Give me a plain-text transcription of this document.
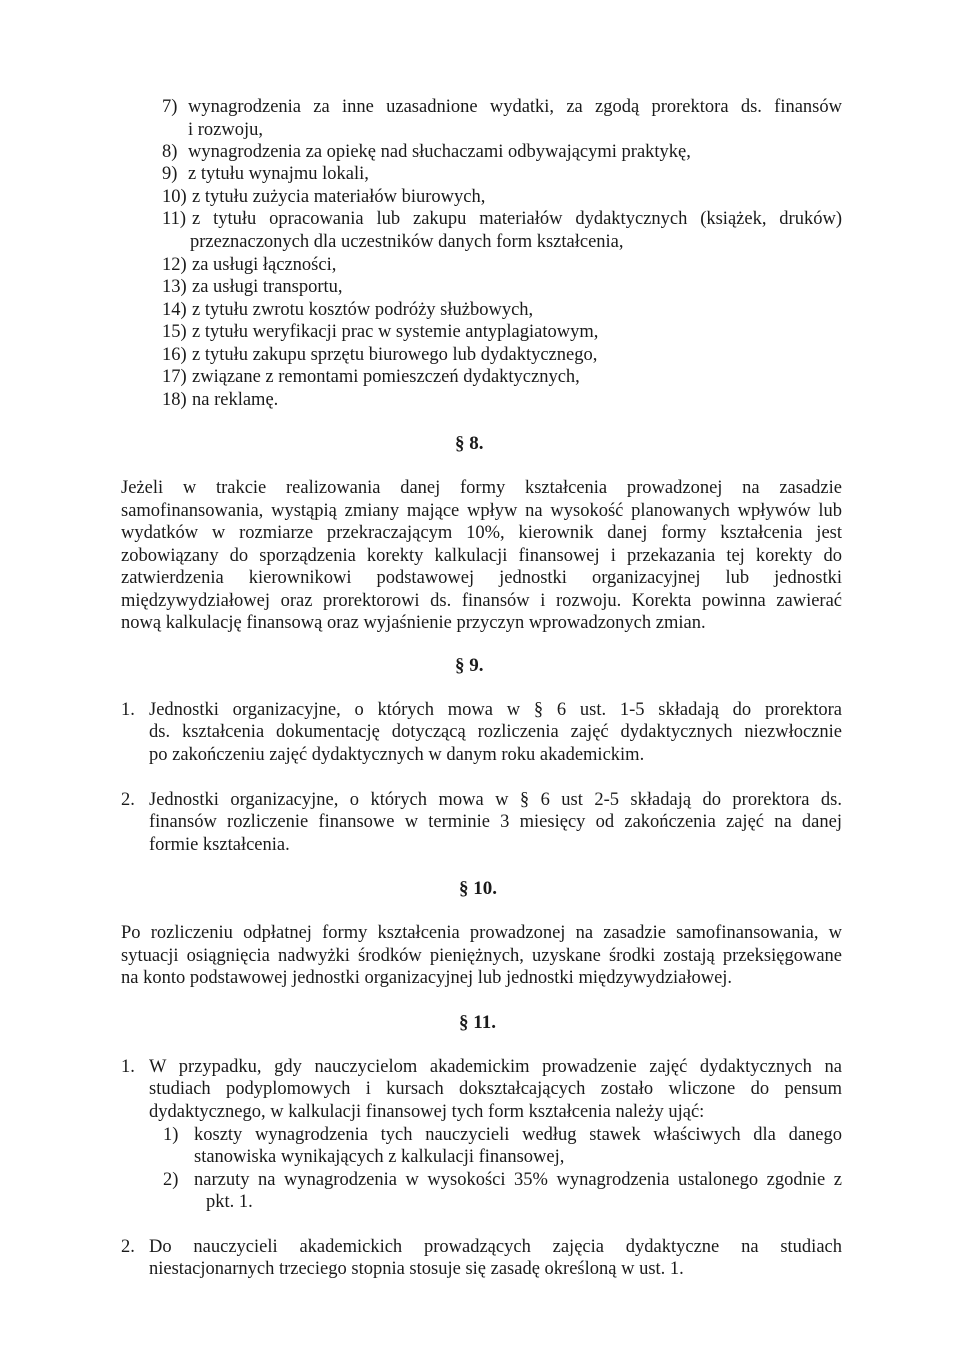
7) wynagrodzenia za inne uzasadnione wydatki, za zgodą prorektora ds. finansów
i rozwoju,
8) wynagrodzenia za opiekę nad słuchaczami odbywającymi praktykę,
9) z tytułu wynajmu lokali,
10) z tytułu zużycia materiałów biurowych,
11) z tytułu opracowania lub zakupu materiałów dydaktycznych (książek, druków)
przeznaczonych dla uczestników danych form kształcenia,
12) za usługi łączności,
13) za usługi transportu,
14) z tytułu zwrotu kosztów podróży służbowych,
15) z tytułu weryfikacji prac w systemie antyplagiatowym,
16) z tytułu zakupu sprzętu biurowego lub dydaktycznego,
17) związane z remontami pomieszczeń dydaktycznych,
18) na reklamę.
§ 8.
Jeżeli w trakcie realizowania danej formy kształcenia prowadzonej na zasadzie
samofinansowania, wystąpią zmiany mające wpływ na wysokość planowanych wpływów lub
wydatków w rozmiarze przekraczającym 10%, kierownik danej formy kształcenia jest
zobowiązany do sporządzenia korekty kalkulacji finansowej i przekazania tej korekty do
zatwierdzenia kierownikowi podstawowej jednostki organizacyjnej lub jednostki
międzywydziałowej oraz prorektorowi ds. finansów i rozwoju. Korekta powinna zawierać
nową kalkulację finansową oraz wyjaśnienie przyczyn wprowadzonych zmian.
§ 9.
1. Jednostki organizacyjne, o których mowa w § 6 ust. 1-5 składają do prorektora
ds. kształcenia dokumentację dotyczącą rozliczenia zajęć dydaktycznych niezwłocznie
po zakończeniu zajęć dydaktycznych w danym roku akademickim.
2. Jednostki organizacyjne, o których mowa w § 6 ust 2-5 składają do prorektora ds.
finansów rozliczenie finansowe w terminie 3 miesięcy od zakończenia zajęć na danej
formie kształcenia.
§ 10.
Po rozliczeniu odpłatnej formy kształcenia prowadzonej na zasadzie samofinansowania, w
sytuacji osiągnięcia nadwyżki środków pieniężnych, uzyskane środki zostają przeksięgowane
na konto podstawowej jednostki organizacyjnej lub jednostki międzywydziałowej.
§ 11.
1. W przypadku, gdy nauczycielom akademickim prowadzenie zajęć dydaktycznych na
studiach podyplomowych i kursach dokształcających zostało wliczone do pensum
dydaktycznego, w kalkulacji finansowej tych form kształcenia należy ująć:
1) koszty wynagrodzenia tych nauczycieli według stawek właściwych dla danego
stanowiska wynikających z kalkulacji finansowej,
2) narzuty na wynagrodzenia w wysokości 35% wynagrodzenia ustalonego zgodnie z
pkt. 1.
2. Do nauczycieli akademickich prowadzących zajęcia dydaktyczne na studiach
niestacjonarnych trzeciego stopnia stosuje się zasadę określoną w ust. 1.
